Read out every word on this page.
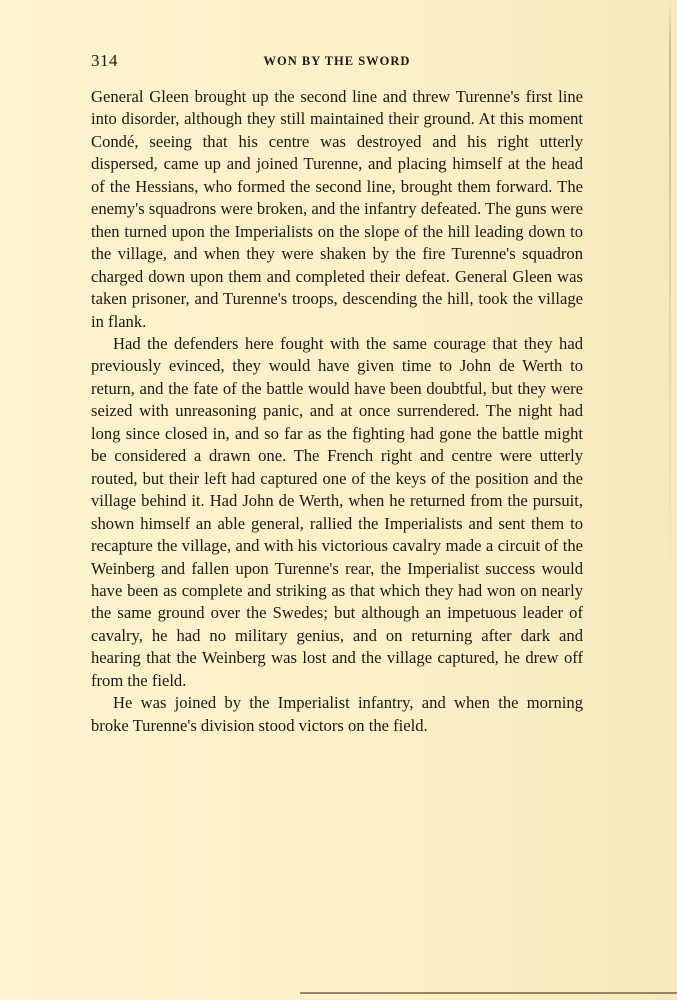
314	WON BY THE SWORD

General Gleen brought up the second line and threw Turenne's first line into disorder, although they still maintained their ground. At this moment Condé, seeing that his centre was destroyed and his right utterly dispersed, came up and joined Turenne, and placing himself at the head of the Hessians, who formed the second line, brought them forward. The enemy's squadrons were broken, and the infantry defeated. The guns were then turned upon the Imperialists on the slope of the hill leading down to the village, and when they were shaken by the fire Turenne's squadron charged down upon them and completed their defeat. General Gleen was taken prisoner, and Turenne's troops, descending the hill, took the village in flank.

Had the defenders here fought with the same courage that they had previously evinced, they would have given time to John de Werth to return, and the fate of the battle would have been doubtful, but they were seized with unreasoning panic, and at once surrendered. The night had long since closed in, and so far as the fighting had gone the battle might be considered a drawn one. The French right and centre were utterly routed, but their left had captured one of the keys of the position and the village behind it. Had John de Werth, when he returned from the pursuit, shown himself an able general, rallied the Imperialists and sent them to recapture the village, and with his victorious cavalry made a circuit of the Weinberg and fallen upon Turenne's rear, the Imperialist success would have been as complete and striking as that which they had won on nearly the same ground over the Swedes; but although an impetuous leader of cavalry, he had no military genius, and on returning after dark and hearing that the Weinberg was lost and the village captured, he drew off from the field.

He was joined by the Imperialist infantry, and when the morning broke Turenne's division stood victors on the field.
